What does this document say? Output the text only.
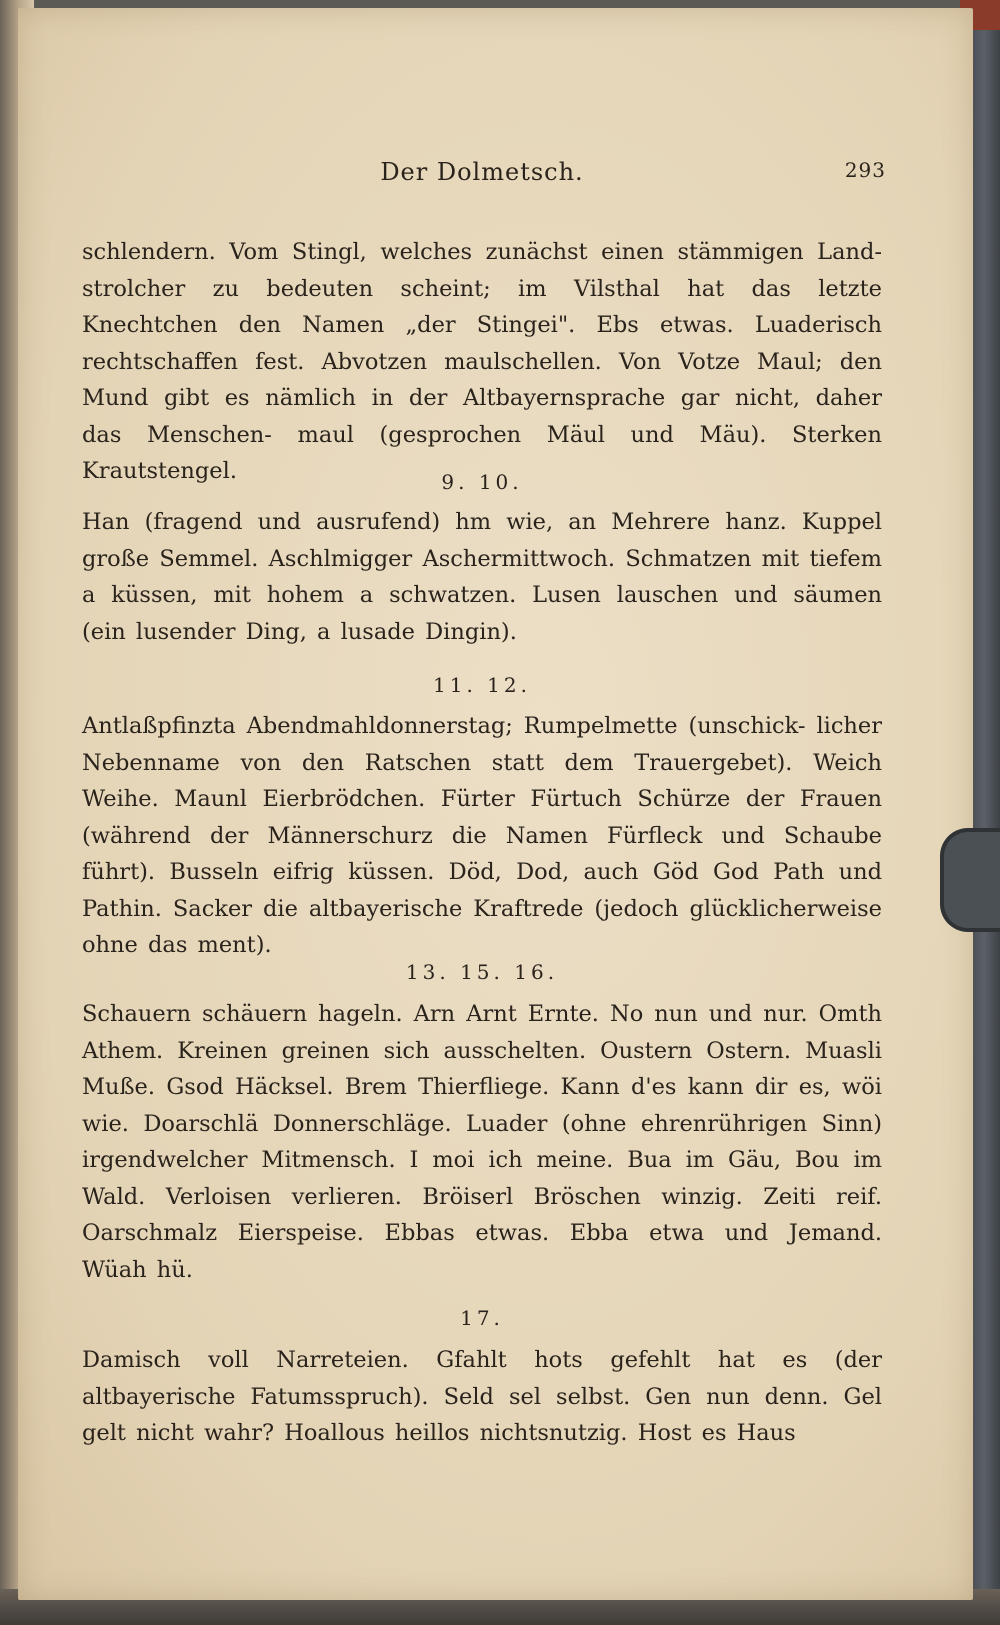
Der Dolmetsch.	293

schlendern. Vom Stingl, welches zunächst einen stämmigen Land- strolcher zu bedeuten scheint; im Vilsthal hat das letzte Knechtchen den Namen „der Stingei". Ebs etwas. Luaderisch rechtschaffen fest. Abvotzen maulschellen. Von Votze Maul; den Mund gibt es nämlich in der Altbayernsprache gar nicht, daher das Menschen- maul (gesprochen Mäul und Mäu). Sterken Krautstengel.	9. 10.

Han (fragend und ausrufend) hm wie, an Mehrere hanz. Kuppel große Semmel. Aschlmigger Aschermittwoch. Schmatzen mit tiefem a küssen, mit hohem a schwatzen. Lusen lauschen und säumen (ein lusender Ding, a lusade Dingin).

11. 12.

Antlaßpfinzta Abendmahldonnerstag; Rumpelmette (unschick- licher Nebenname von den Ratschen statt dem Trauergebet). Weich Weihe. Maunl Eierbrödchen. Fürter Fürtuch Schürze der Frauen (während der Männerschurz die Namen Fürfleck und Schaube führt). Busseln eifrig küssen. Död, Dod, auch Göd God Path und Pathin. Sacker die altbayerische Kraftrede (jedoch glücklicherweise ohne das ment).

13. 15. 16.

Schauern schäuern hageln. Arn Arnt Ernte. No nun und nur. Omth Athem. Kreinen greinen sich ausschelten. Oustern Ostern. Muasli Muße. Gsod Häcksel. Brem Thierfliege. Kann d'es kann dir es, wöi wie. Doarschlä Donnerschläge. Luader (ohne ehrenrührigen Sinn) irgendwelcher Mitmensch. I moi ich meine. Bua im Gäu, Bou im Wald. Verloisen verlieren. Bröiserl Bröschen winzig. Zeiti reif. Oarschmalz Eierspeise. Ebbas etwas. Ebba etwa und Jemand. Wüah hü.

17.

Damisch voll Narreteien. Gfahlt hots gefehlt hat es (der altbayerische Fatumsspruch). Seld sel selbst. Gen nun denn. Gel gelt nicht wahr? Hoallous heillos nichtsnutzig. Host es Haus
